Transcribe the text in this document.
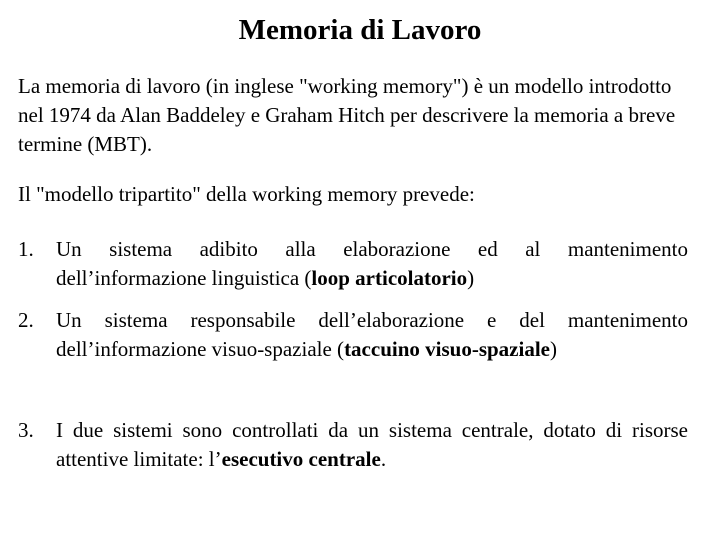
Memoria di Lavoro
La memoria di lavoro (in inglese "working memory") è un modello introdotto nel 1974 da Alan Baddeley e Graham Hitch per descrivere la memoria a breve termine (MBT).
Il "modello tripartito" della working memory prevede:
1.	Un sistema adibito alla elaborazione ed al mantenimento dell’informazione linguistica (loop articolatorio)
2.	Un sistema responsabile dell’elaborazione e del mantenimento dell’informazione visuo-spaziale (taccuino visuo-spaziale)
3.	I due sistemi sono controllati da un sistema centrale, dotato di risorse attentive limitate: l’esecutivo centrale.
